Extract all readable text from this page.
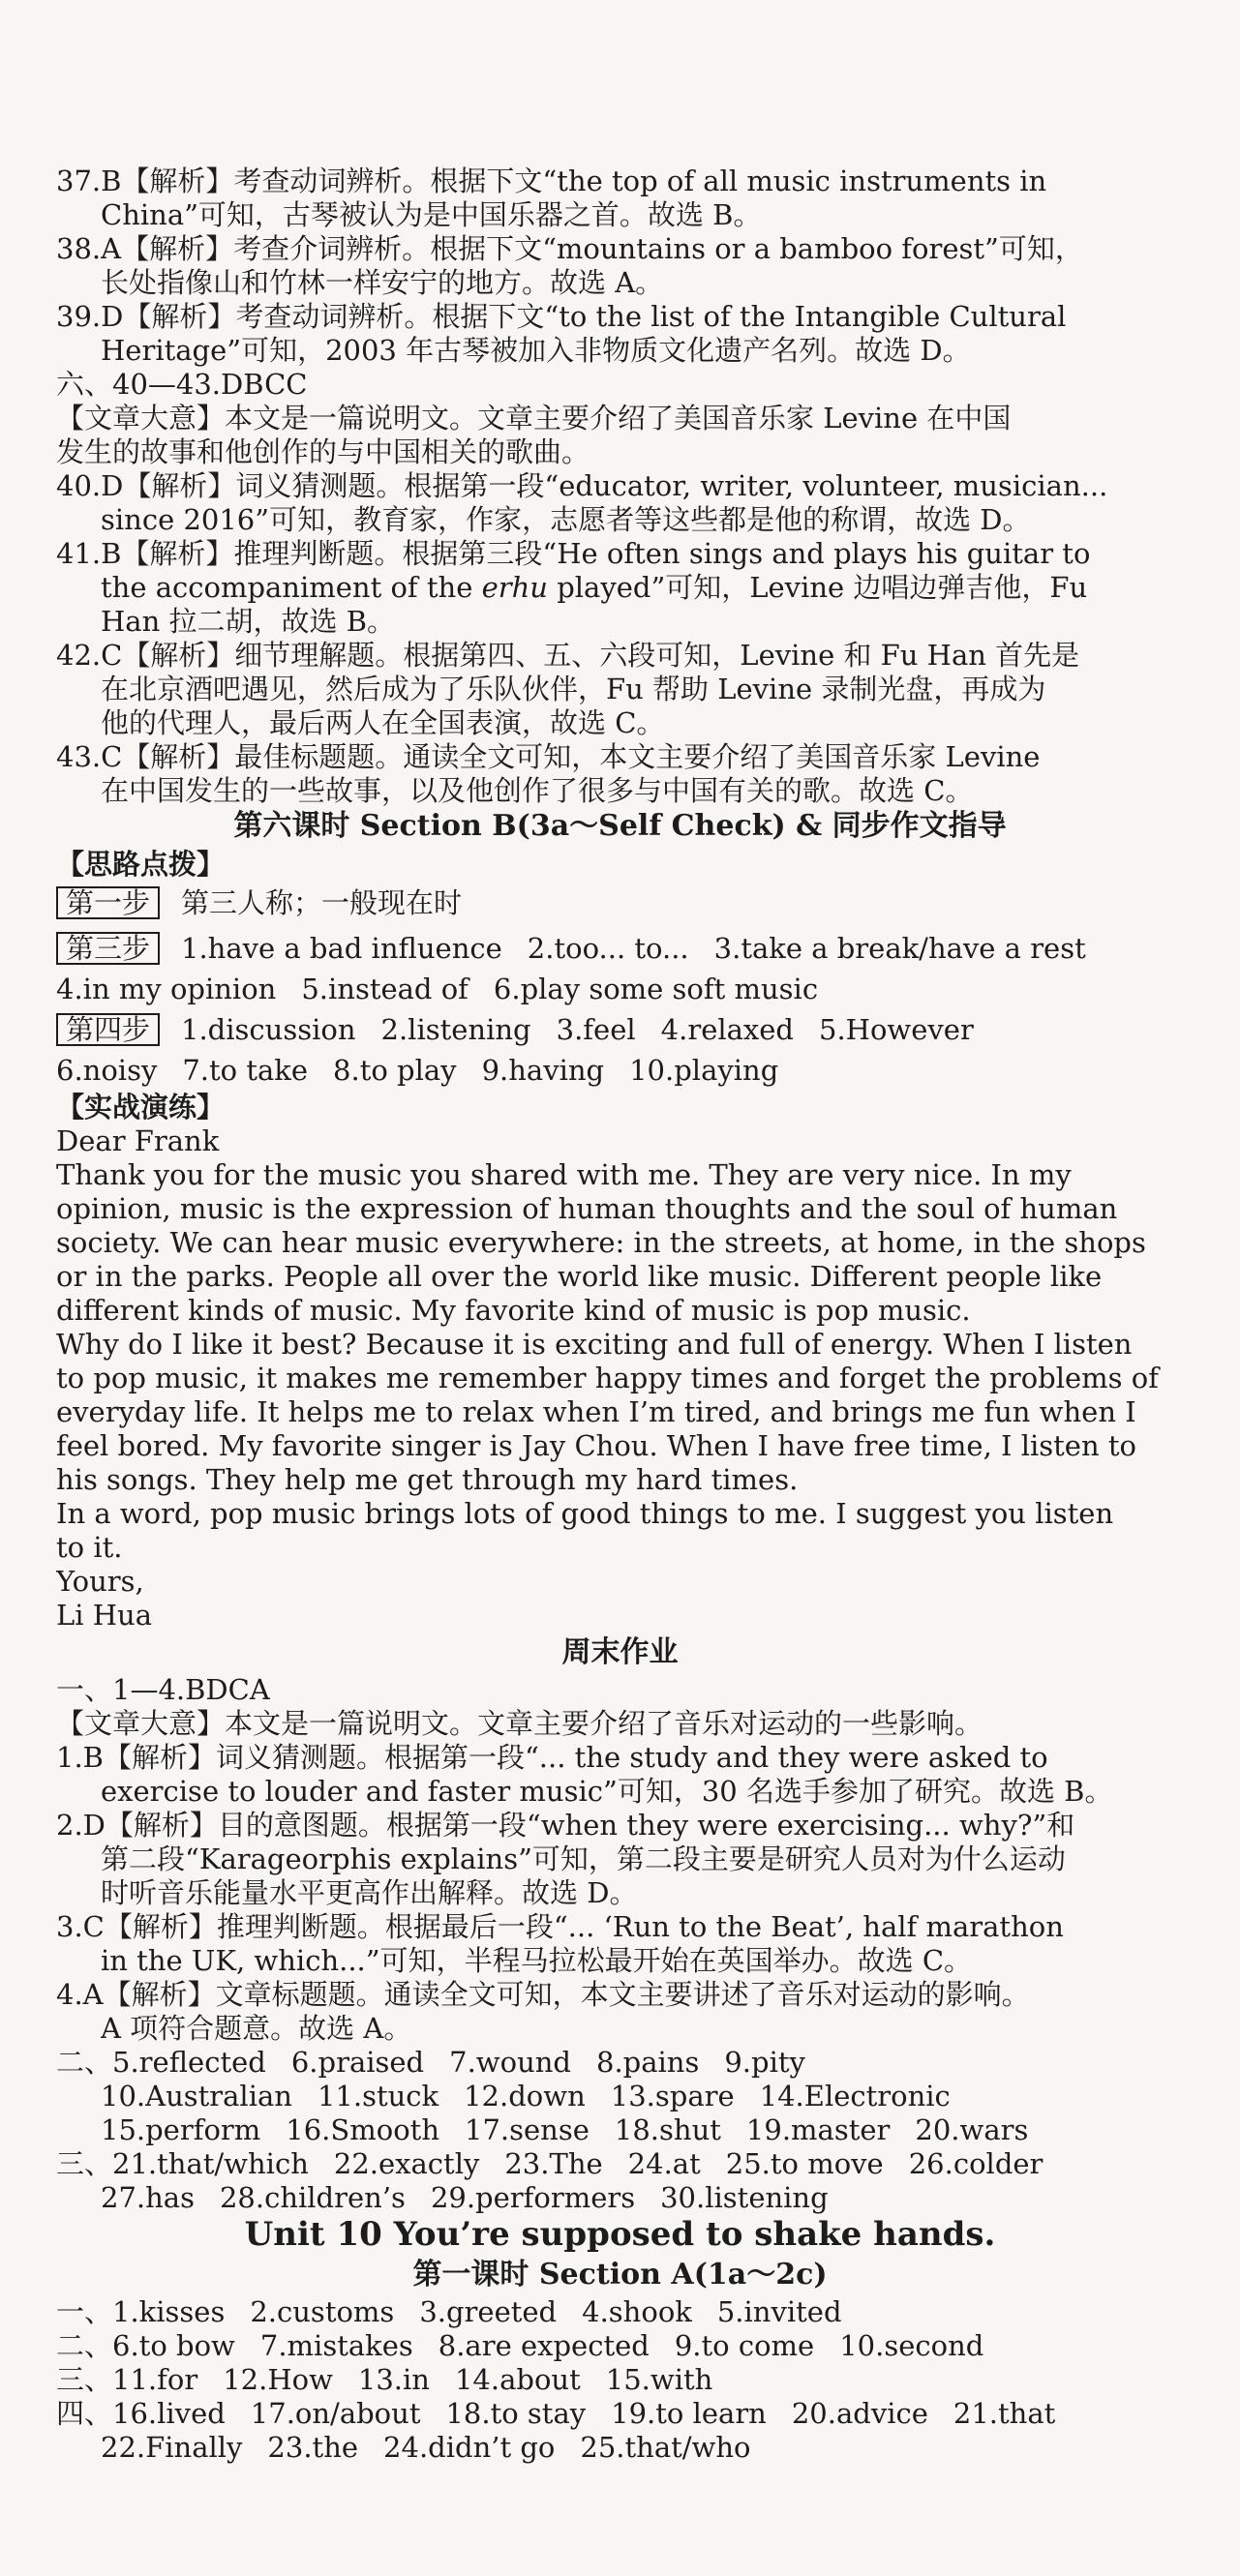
37.B【解析】考查动词辨析。根据下文“the top of all music instruments in
China”可知，古琴被认为是中国乐器之首。故选 B。
38.A【解析】考查介词辨析。根据下文“mountains or a bamboo forest”可知，
长处指像山和竹林一样安宁的地方。故选 A。
39.D【解析】考查动词辨析。根据下文“to the list of the Intangible Cultural
Heritage”可知，2003 年古琴被加入非物质文化遗产名列。故选 D。
六、40—43.DBCC
【文章大意】本文是一篇说明文。文章主要介绍了美国音乐家 Levine 在中国
发生的故事和他创作的与中国相关的歌曲。
40.D【解析】词义猜测题。根据第一段“educator, writer, volunteer, musician...
since 2016”可知，教育家，作家，志愿者等这些都是他的称谓，故选 D。
41.B【解析】推理判断题。根据第三段“He often sings and plays his guitar to
the accompaniment of the erhu played”可知，Levine 边唱边弹吉他，Fu
Han 拉二胡，故选 B。
42.C【解析】细节理解题。根据第四、五、六段可知，Levine 和 Fu Han 首先是
在北京酒吧遇见，然后成为了乐队伙伴，Fu 帮助 Levine 录制光盘，再成为
他的代理人，最后两人在全国表演，故选 C。
43.C【解析】最佳标题题。通读全文可知，本文主要介绍了美国音乐家 Levine
在中国发生的一些故事，以及他创作了很多与中国有关的歌。故选 C。
第六课时 Section B(3a～Self Check) & 同步作文指导
【思路点拨】
第一步 第三人称；一般现在时
第三步 1.have a bad influence 2.too... to... 3.take a break/have a rest
4.in my opinion 5.instead of 6.play some soft music
第四步 1.discussion 2.listening 3.feel 4.relaxed 5.However
6.noisy 7.to take 8.to play 9.having 10.playing
【实战演练】
Dear Frank
Thank you for the music you shared with me. They are very nice. In my
opinion, music is the expression of human thoughts and the soul of human
society. We can hear music everywhere: in the streets, at home, in the shops
or in the parks. People all over the world like music. Different people like
different kinds of music. My favorite kind of music is pop music.
Why do I like it best? Because it is exciting and full of energy. When I listen
to pop music, it makes me remember happy times and forget the problems of
everyday life. It helps me to relax when I’m tired, and brings me fun when I
feel bored. My favorite singer is Jay Chou. When I have free time, I listen to
his songs. They help me get through my hard times.
In a word, pop music brings lots of good things to me. I suggest you listen
to it.
Yours,
Li Hua
周末作业
一、1—4.BDCA
【文章大意】本文是一篇说明文。文章主要介绍了音乐对运动的一些影响。
1.B【解析】词义猜测题。根据第一段“... the study and they were asked to
exercise to louder and faster music”可知，30 名选手参加了研究。故选 B。
2.D【解析】目的意图题。根据第一段“when they were exercising... why?”和
第二段“Karageorphis explains”可知，第二段主要是研究人员对为什么运动
时听音乐能量水平更高作出解释。故选 D。
3.C【解析】推理判断题。根据最后一段“... ‘Run to the Beat’, half marathon
in the UK, which...”可知，半程马拉松最开始在英国举办。故选 C。
4.A【解析】文章标题题。通读全文可知，本文主要讲述了音乐对运动的影响。
A 项符合题意。故选 A。
二、5.reflected 6.praised 7.wound 8.pains 9.pity
10.Australian 11.stuck 12.down 13.spare 14.Electronic
15.perform 16.Smooth 17.sense 18.shut 19.master 20.wars
三、21.that/which 22.exactly 23.The 24.at 25.to move 26.colder
27.has 28.children’s 29.performers 30.listening
Unit 10 You’re supposed to shake hands.
第一课时 Section A(1a～2c)
一、1.kisses 2.customs 3.greeted 4.shook 5.invited
二、6.to bow 7.mistakes 8.are expected 9.to come 10.second
三、11.for 12.How 13.in 14.about 15.with
四、16.lived 17.on/about 18.to stay 19.to learn 20.advice 21.that
22.Finally 23.the 24.didn’t go 25.that/who
